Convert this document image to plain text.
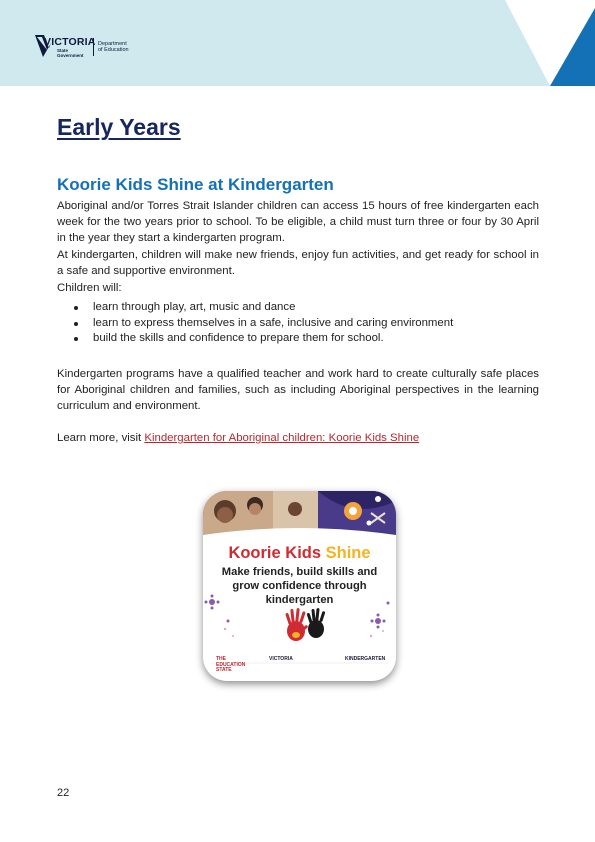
VICTORIA
State Government
Department
of Education
Early Years
Koorie Kids Shine at Kindergarten

Aboriginal and/or Torres Strait Islander children can access 15 hours of free kindergarten each week for the two years prior to school. To be eligible, a child must turn three or four by 30 April in the year they start a kindergarten program.

At kindergarten, children will make new friends, enjoy fun activities, and get ready for school in a safe and supportive environment.

Children will:

learn through play, art, music and dance
learn to express themselves in a safe, inclusive and caring environment
build the skills and confidence to prepare them for school.

Kindergarten programs have a qualified teacher and work hard to create culturally safe places for Aboriginal children and families, such as including Aboriginal perspectives in the learning curriculum and environment.

Learn more, visit Kindergarten for Aboriginal children: Koorie Kids Shine

Koorie Kids Shine
Make friends, build skills and grow confidence through kindergarten
THE EDUCATION STATE
VICTORIA	KINDERGARTEN
22
